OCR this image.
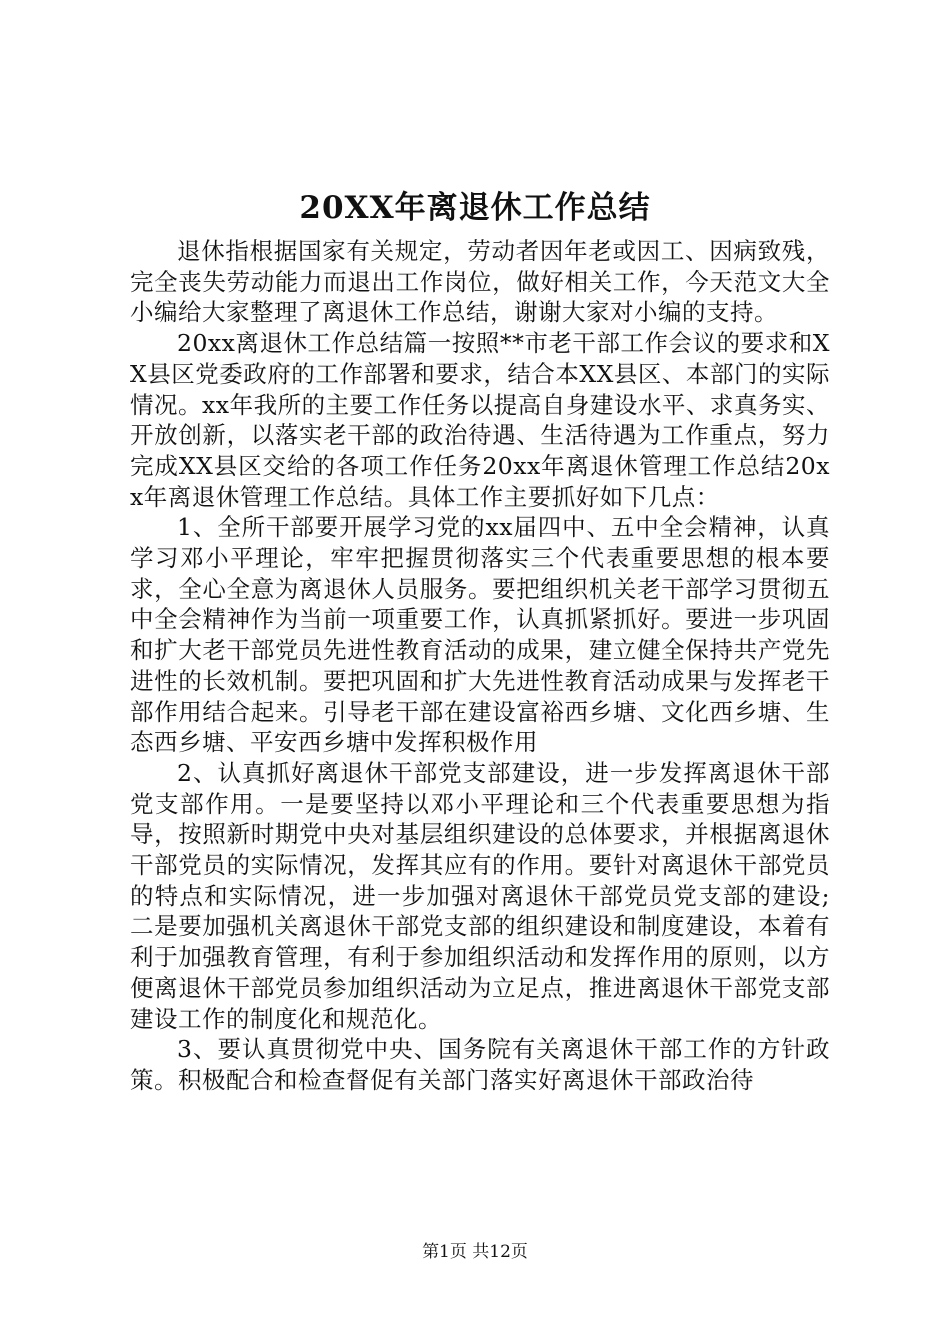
20XX年离退休工作总结

退休指根据国家有关规定，劳动者因年老或因工、因病致残，完全丧失劳动能力而退出工作岗位，做好相关工作，今天范文大全小编给大家整理了离退休工作总结，谢谢大家对小编的支持。

20xx离退休工作总结篇一按照**市老干部工作会议的要求和XX县区党委政府的工作部署和要求，结合本XX县区、本部门的实际情况。xx年我所的主要工作任务以提高自身建设水平、求真务实、开放创新，以落实老干部的政治待遇、生活待遇为工作重点，努力完成XX县区交给的各项工作任务20xx年离退休管理工作总结20xx年离退休管理工作总结。具体工作主要抓好如下几点：

1、全所干部要开展学习党的xx届四中、五中全会精神，认真学习邓小平理论，牢牢把握贯彻落实三个代表重要思想的根本要求，全心全意为离退休人员服务。要把组织机关老干部学习贯彻五中全会精神作为当前一项重要工作，认真抓紧抓好。要进一步巩固和扩大老干部党员先进性教育活动的成果，建立健全保持共产党先进性的长效机制。要把巩固和扩大先进性教育活动成果与发挥老干部作用结合起来。引导老干部在建设富裕西乡塘、文化西乡塘、生态西乡塘、平安西乡塘中发挥积极作用

2、认真抓好离退休干部党支部建设，进一步发挥离退休干部党支部作用。一是要坚持以邓小平理论和三个代表重要思想为指导，按照新时期党中央对基层组织建设的总体要求，并根据离退休干部党员的实际情况，发挥其应有的作用。要针对离退休干部党员的特点和实际情况，进一步加强对离退休干部党员党支部的建设;二是要加强机关离退休干部党支部的组织建设和制度建设，本着有利于加强教育管理，有利于参加组织活动和发挥作用的原则，以方便离退休干部党员参加组织活动为立足点，推进离退休干部党支部建设工作的制度化和规范化。

3、要认真贯彻党中央、国务院有关离退休干部工作的方针政策。积极配合和检查督促有关部门落实好离退休干部政治待

第1页 共12页
